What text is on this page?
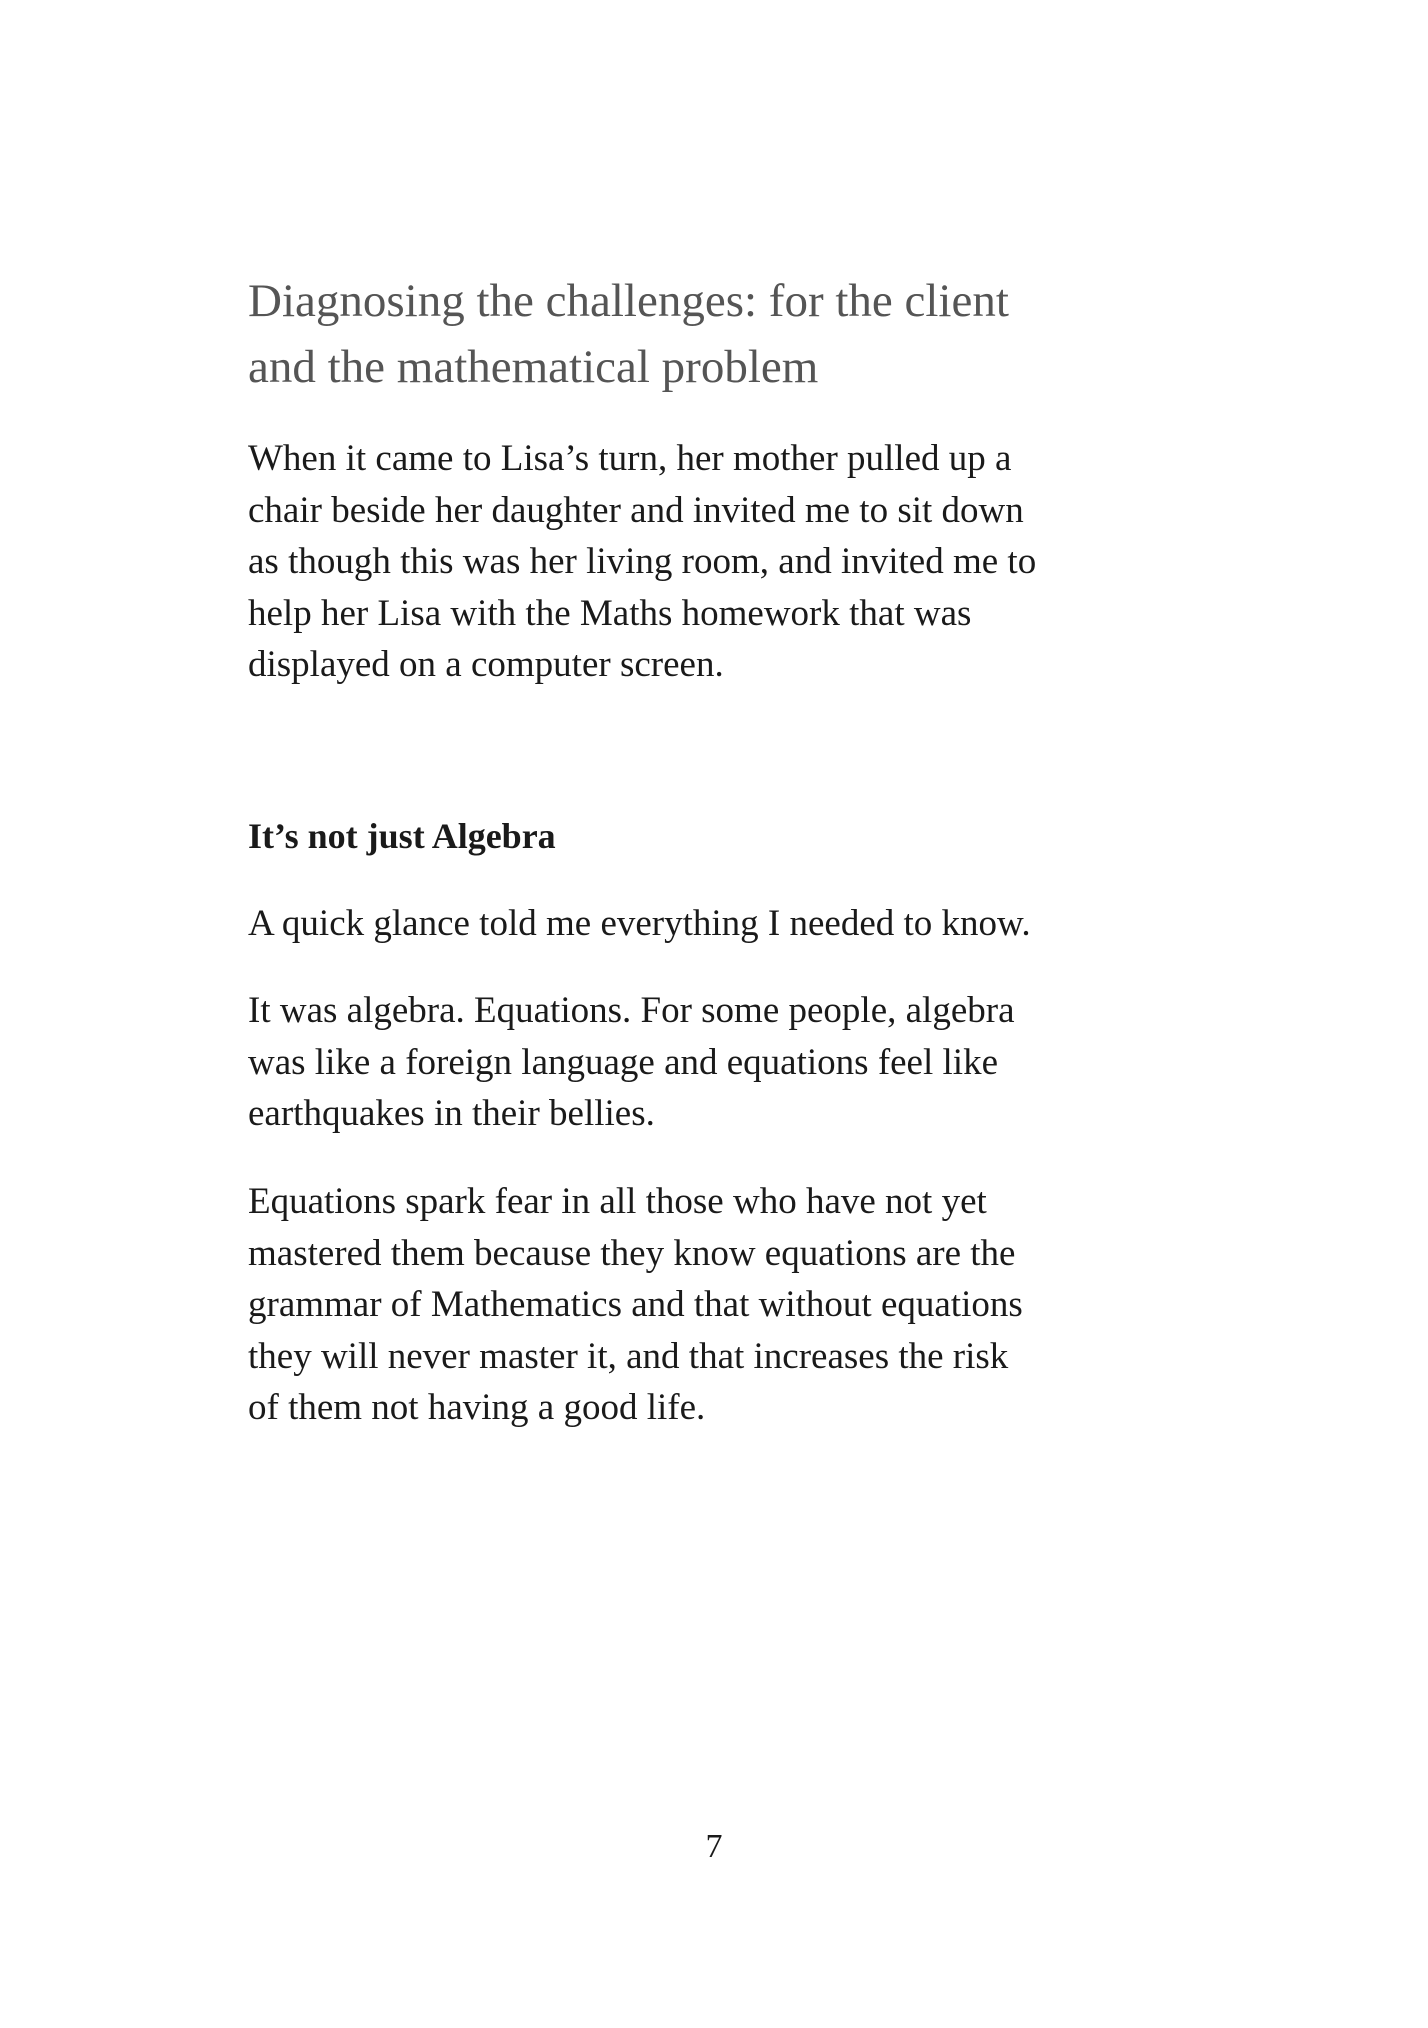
Diagnosing the challenges: for the client
and the mathematical problem

When it came to Lisa’s turn, her mother pulled up a
chair beside her daughter and invited me to sit down
as though this was her living room, and invited me to
help her Lisa with the Maths homework that was
displayed on a computer screen.

It’s not just Algebra

A quick glance told me everything I needed to know.

It was algebra. Equations. For some people, algebra
was like a foreign language and equations feel like
earthquakes in their bellies.

Equations spark fear in all those who have not yet
mastered them because they know equations are the
grammar of Mathematics and that without equations
they will never master it, and that increases the risk
of them not having a good life.

7
